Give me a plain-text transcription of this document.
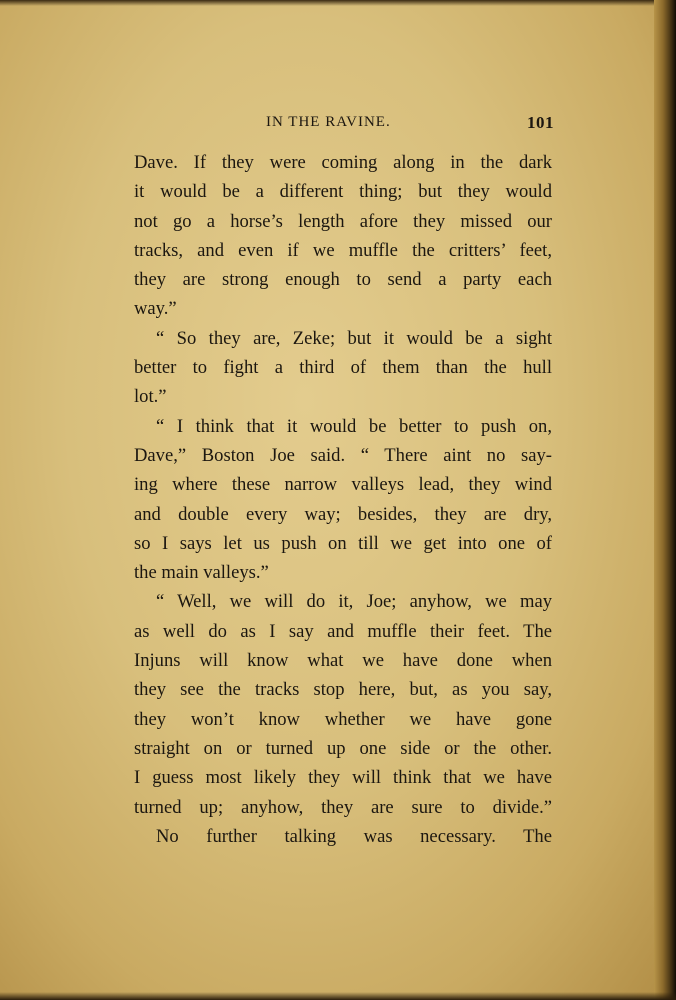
IN THE RAVINE.	101
Dave. If they were coming along in the dark
it would be a different thing; but they would
not go a horse’s length afore they missed our
tracks, and even if we muffle the critters’ feet,
they are strong enough to send a party each
way.”
“ So they are, Zeke; but it would be a sight
better to fight a third of them than the hull
lot.”
“ I think that it would be better to push on,
Dave,” Boston Joe said. “ There aint no say-
ing where these narrow valleys lead, they wind
and double every way; besides, they are dry,
so I says let us push on till we get into one of
the main valleys.”
“ Well, we will do it, Joe; anyhow, we may
as well do as I say and muffle their feet. The
Injuns will know what we have done when
they see the tracks stop here, but, as you say,
they won’t know whether we have gone
straight on or turned up one side or the other.
I guess most likely they will think that we have
turned up; anyhow, they are sure to divide.”
No further talking was necessary. The
